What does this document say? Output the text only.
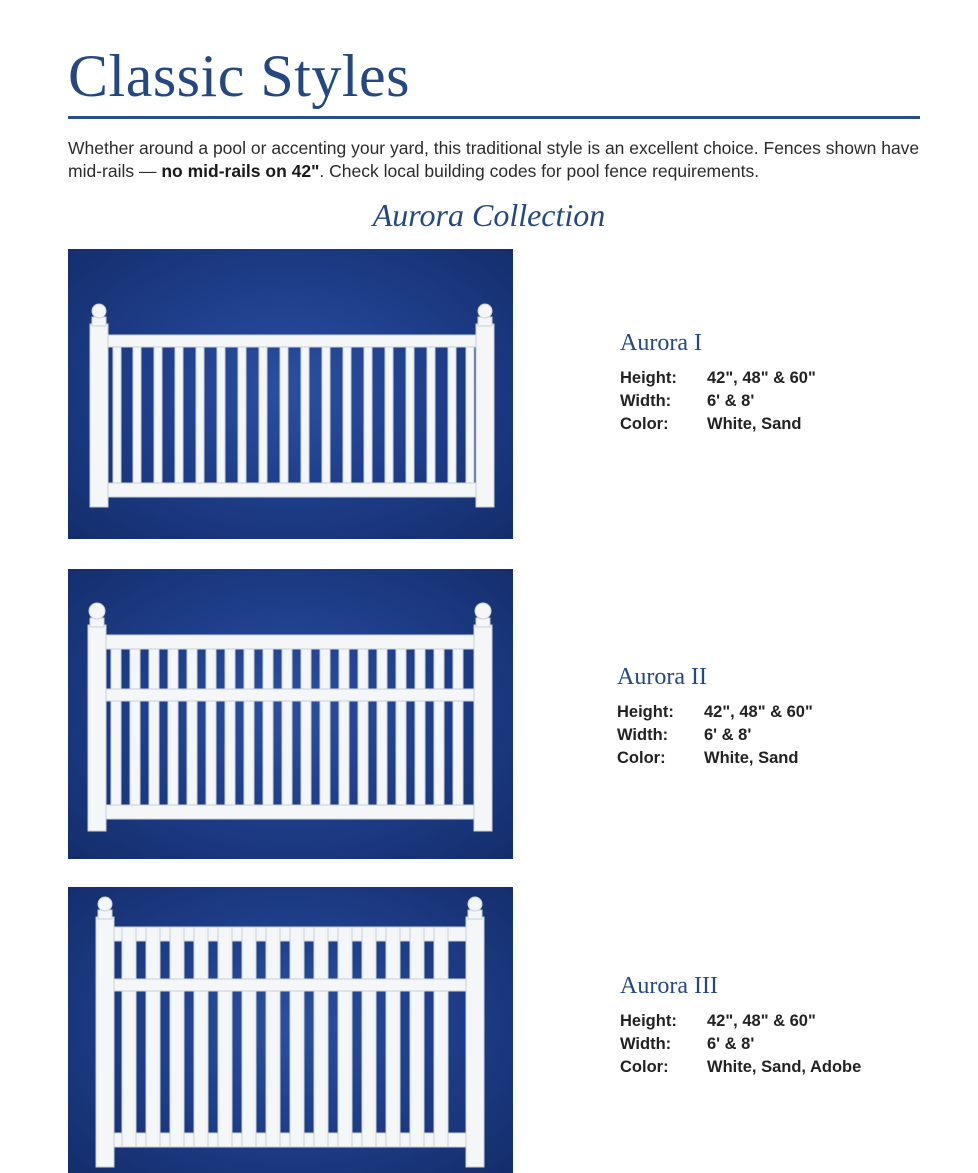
Classic Styles
Whether around a pool or accenting your yard, this traditional style is an excellent choice. Fences shown have mid-rails — no mid-rails on 42". Check local building codes for pool fence requirements.
Aurora Collection
Aurora I
Height:	42", 48" & 60"
Width:	6' & 8'
Color:	White, Sand
Aurora II
Height:	42", 48" & 60"
Width:	6' & 8'
Color:	White, Sand
Aurora III
Height:	42", 48" & 60"
Width:	6' & 8'
Color:	White, Sand, Adobe
